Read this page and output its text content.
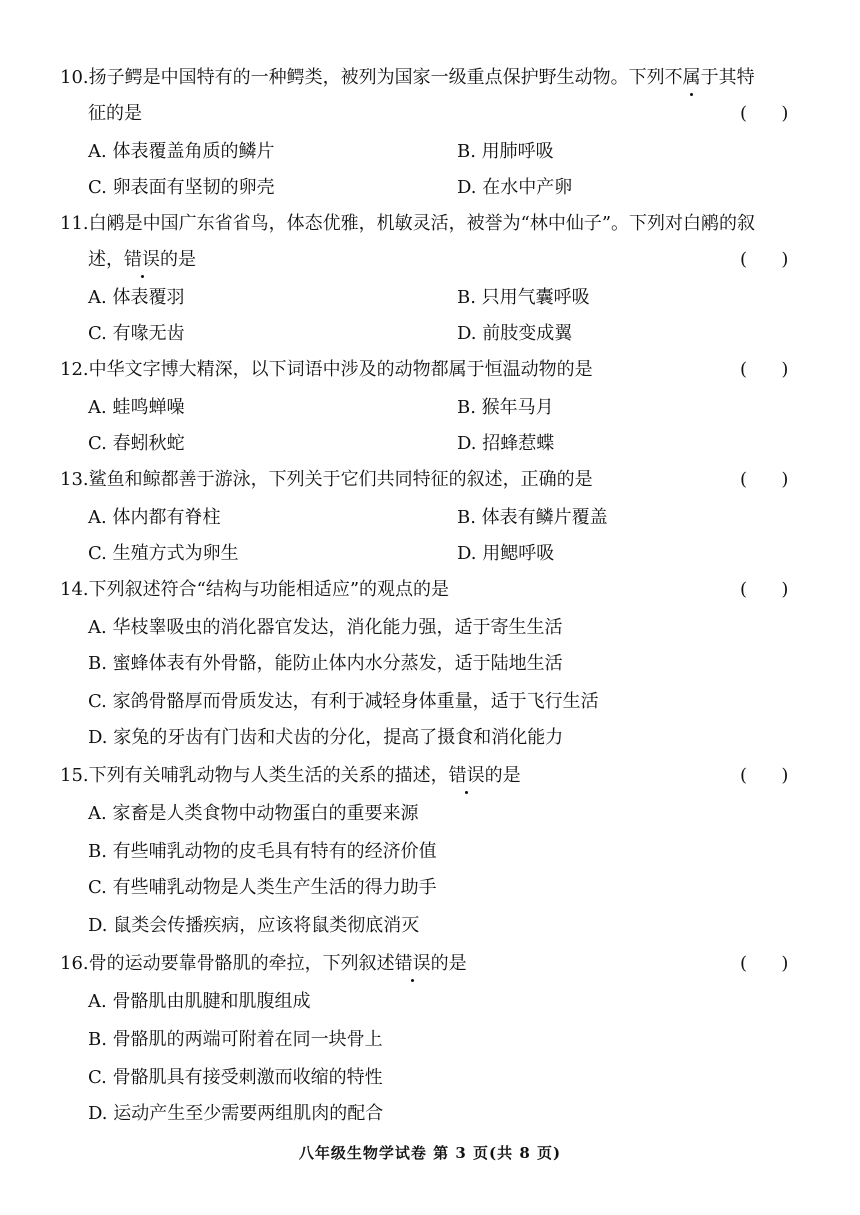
10.扬子鳄是中国特有的一种鳄类，被列为国家一级重点保护野生动物。下列不属于其特
征的是	(      )
A. 体表覆盖角质的鳞片	B. 用肺呼吸
C. 卵表面有坚韧的卵壳	D. 在水中产卵
11.白鹇是中国广东省省鸟，体态优雅，机敏灵活，被誉为“林中仙子”。下列对白鹇的叙
述，错误的是	(      )
A. 体表覆羽	B. 只用气囊呼吸
C. 有喙无齿	D. 前肢变成翼
12.中华文字博大精深，以下词语中涉及的动物都属于恒温动物的是	(      )
A. 蛙鸣蝉噪	B. 猴年马月
C. 春蚓秋蛇	D. 招蜂惹蝶
13.鲨鱼和鲸都善于游泳，下列关于它们共同特征的叙述，正确的是	(      )
A. 体内都有脊柱	B. 体表有鳞片覆盖
C. 生殖方式为卵生	D. 用鳃呼吸
14.下列叙述符合“结构与功能相适应”的观点的是	(      )
A. 华枝睾吸虫的消化器官发达，消化能力强，适于寄生生活
B. 蜜蜂体表有外骨骼，能防止体内水分蒸发，适于陆地生活
C. 家鸽骨骼厚而骨质发达，有利于减轻身体重量，适于飞行生活
D. 家兔的牙齿有门齿和犬齿的分化，提高了摄食和消化能力
15.下列有关哺乳动物与人类生活的关系的描述，错误的是	(      )
A. 家畜是人类食物中动物蛋白的重要来源
B. 有些哺乳动物的皮毛具有特有的经济价值
C. 有些哺乳动物是人类生产生活的得力助手
D. 鼠类会传播疾病，应该将鼠类彻底消灭
16.骨的运动要靠骨骼肌的牵拉，下列叙述错误的是	(      )
A. 骨骼肌由肌腱和肌腹组成
B. 骨骼肌的两端可附着在同一块骨上
C. 骨骼肌具有接受刺激而收缩的特性
D. 运动产生至少需要两组肌肉的配合
八年级生物学试卷 第 3 页(共 8 页)
